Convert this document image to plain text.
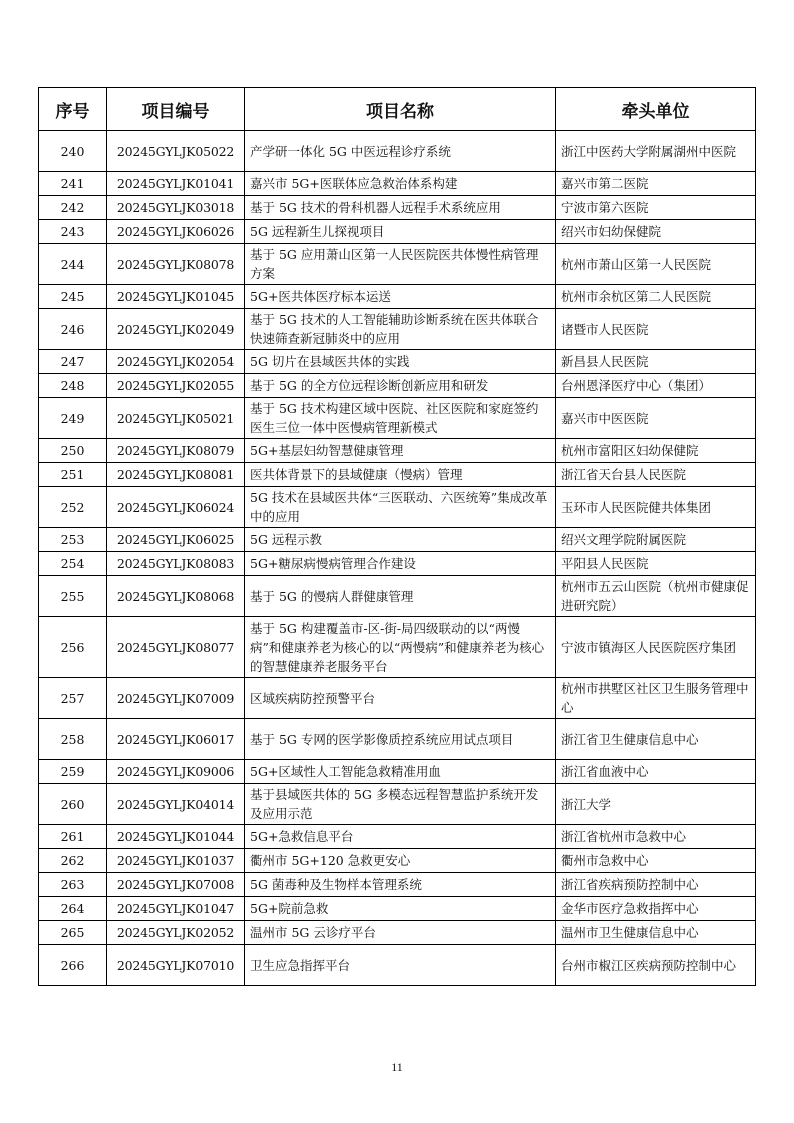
序号	项目编号	项目名称	牵头单位
240	20245GYLJK05022	产学研一体化 5G 中医远程诊疗系统	浙江中医药大学附属湖州中医院
241	20245GYLJK01041	嘉兴市 5G+医联体应急救治体系构建	嘉兴市第二医院
242	20245GYLJK03018	基于 5G 技术的骨科机器人远程手术系统应用	宁波市第六医院
243	20245GYLJK06026	5G 远程新生儿探视项目	绍兴市妇幼保健院
244	20245GYLJK08078	基于 5G 应用萧山区第一人民医院医共体慢性病管理方案	杭州市萧山区第一人民医院
245	20245GYLJK01045	5G+医共体医疗标本运送	杭州市余杭区第二人民医院
246	20245GYLJK02049	基于 5G 技术的人工智能辅助诊断系统在医共体联合快速筛查新冠肺炎中的应用	诸暨市人民医院
247	20245GYLJK02054	5G 切片在县域医共体的实践	新昌县人民医院
248	20245GYLJK02055	基于 5G 的全方位远程诊断创新应用和研发	台州恩泽医疗中心（集团）
249	20245GYLJK05021	基于 5G 技术构建区域中医院、社区医院和家庭签约医生三位一体中医慢病管理新模式	嘉兴市中医医院
250	20245GYLJK08079	5G+基层妇幼智慧健康管理	杭州市富阳区妇幼保健院
251	20245GYLJK08081	医共体背景下的县域健康（慢病）管理	浙江省天台县人民医院
252	20245GYLJK06024	5G 技术在县域医共体“三医联动、六医统筹”集成改革中的应用	玉环市人民医院健共体集团
253	20245GYLJK06025	5G 远程示教	绍兴文理学院附属医院
254	20245GYLJK08083	5G+糖尿病慢病管理合作建设	平阳县人民医院
255	20245GYLJK08068	基于 5G 的慢病人群健康管理	杭州市五云山医院（杭州市健康促进研究院）
256	20245GYLJK08077	基于 5G 构建覆盖市-区-街-局四级联动的以“两慢病”和健康养老为核心的以“两慢病”和健康养老为核心的智慧健康养老服务平台	宁波市镇海区人民医院医疗集团
257	20245GYLJK07009	区域疾病防控预警平台	杭州市拱墅区社区卫生服务管理中心
258	20245GYLJK06017	基于 5G 专网的医学影像质控系统应用试点项目	浙江省卫生健康信息中心
259	20245GYLJK09006	5G+区域性人工智能急救精准用血	浙江省血液中心
260	20245GYLJK04014	基于县域医共体的 5G 多模态远程智慧监护系统开发及应用示范	浙江大学
261	20245GYLJK01044	5G+急救信息平台	浙江省杭州市急救中心
262	20245GYLJK01037	衢州市 5G+120 急救更安心	衢州市急救中心
263	20245GYLJK07008	5G 菌毒种及生物样本管理系统	浙江省疾病预防控制中心
264	20245GYLJK01047	5G+院前急救	金华市医疗急救指挥中心
265	20245GYLJK02052	温州市 5G 云诊疗平台	温州市卫生健康信息中心
266	20245GYLJK07010	卫生应急指挥平台	台州市椒江区疾病预防控制中心
11
